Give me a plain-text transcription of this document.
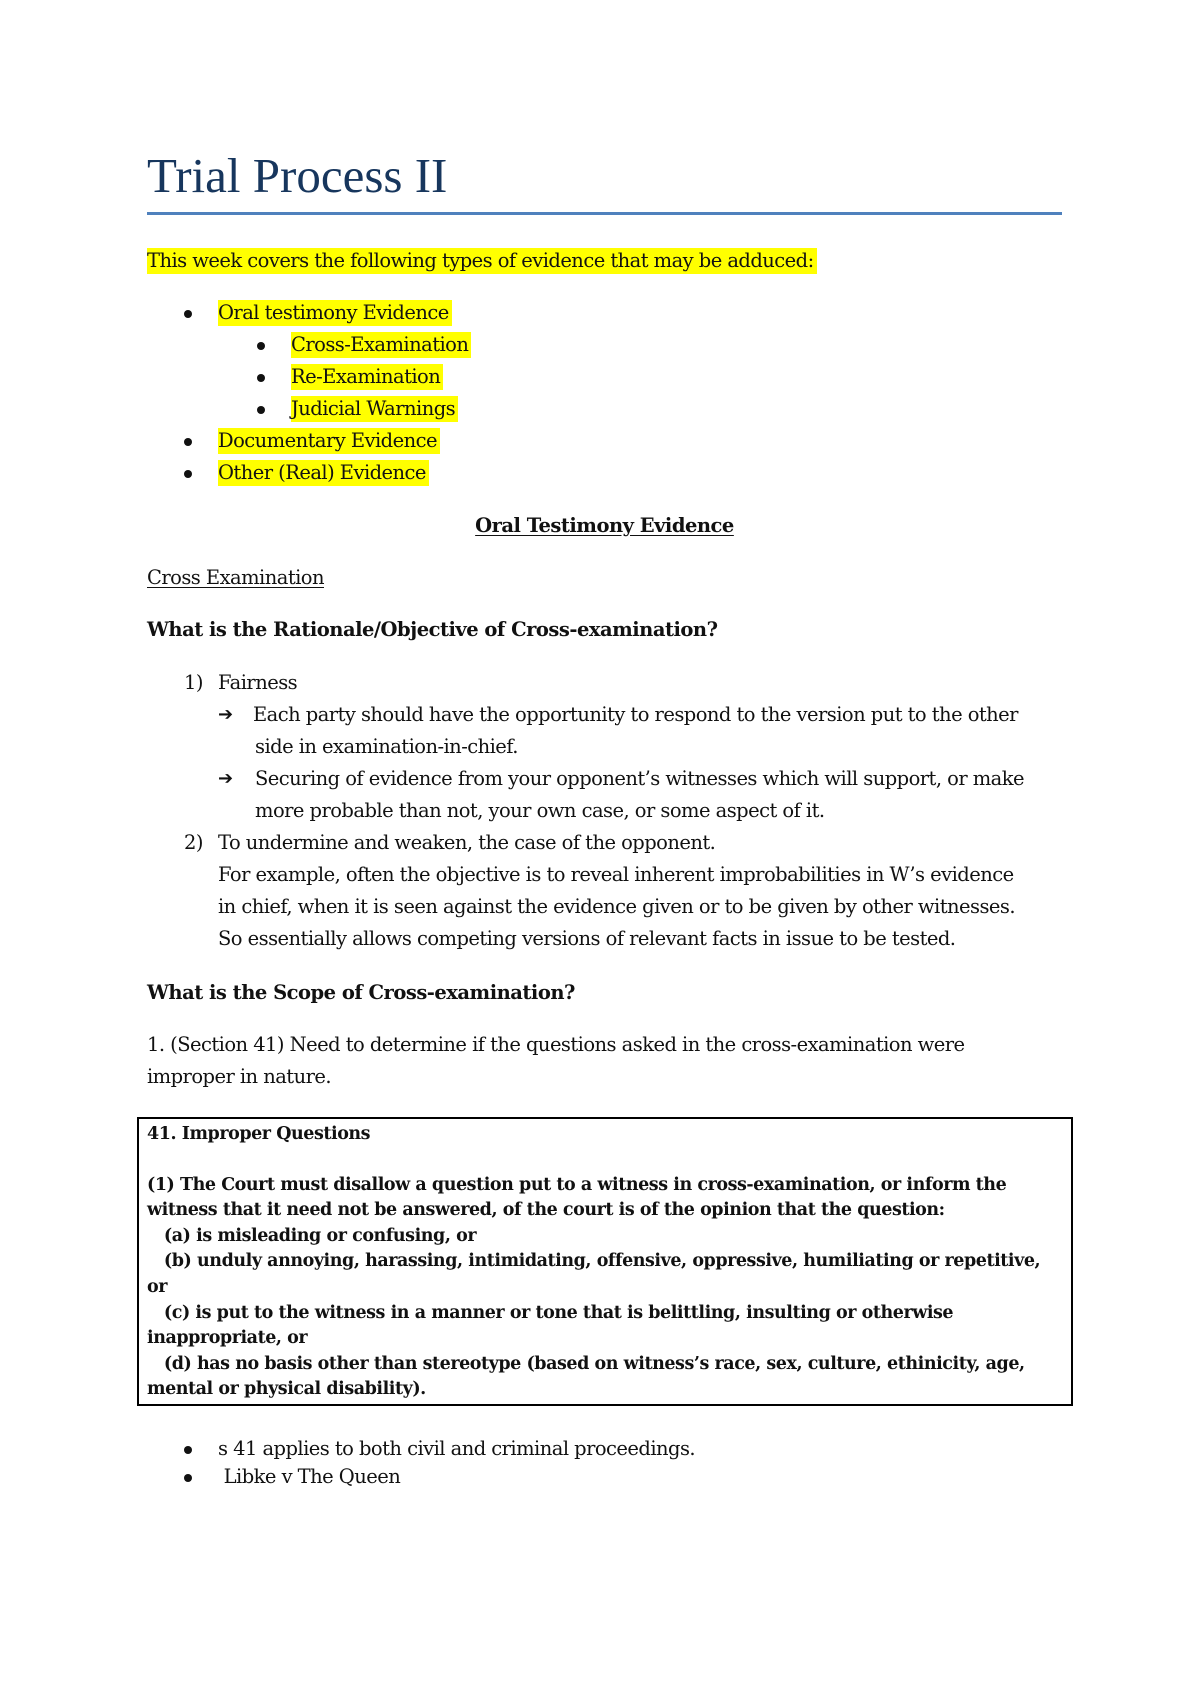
Trial Process II
This week covers the following types of evidence that may be adduced:
Oral testimony Evidence
Cross-Examination
Re-Examination
Judicial Warnings
Documentary Evidence
Other (Real) Evidence
Oral Testimony Evidence
Cross Examination
What is the Rationale/Objective of Cross-examination?
1) Fairness
➔ Each party should have the opportunity to respond to the version put to the other
side in examination-in-chief.
➔ Securing of evidence from your opponent’s witnesses which will support, or make
more probable than not, your own case, or some aspect of it.
2) To undermine and weaken, the case of the opponent.
For example, often the objective is to reveal inherent improbabilities in W’s evidence
in chief, when it is seen against the evidence given or to be given by other witnesses.
So essentially allows competing versions of relevant facts in issue to be tested.
What is the Scope of Cross-examination?
1. (Section 41) Need to determine if the questions asked in the cross-examination were
improper in nature.
41. Improper Questions
(1) The Court must disallow a question put to a witness in cross-examination, or inform the
witness that it need not be answered, of the court is of the opinion that the question:
(a) is misleading or confusing, or
(b) unduly annoying, harassing, intimidating, offensive, oppressive, humiliating or repetitive,
or
(c) is put to the witness in a manner or tone that is belittling, insulting or otherwise
inappropriate, or
(d) has no basis other than stereotype (based on witness’s race, sex, culture, ethinicity, age,
mental or physical disability).
s 41 applies to both civil and criminal proceedings.
Libke v The Queen
